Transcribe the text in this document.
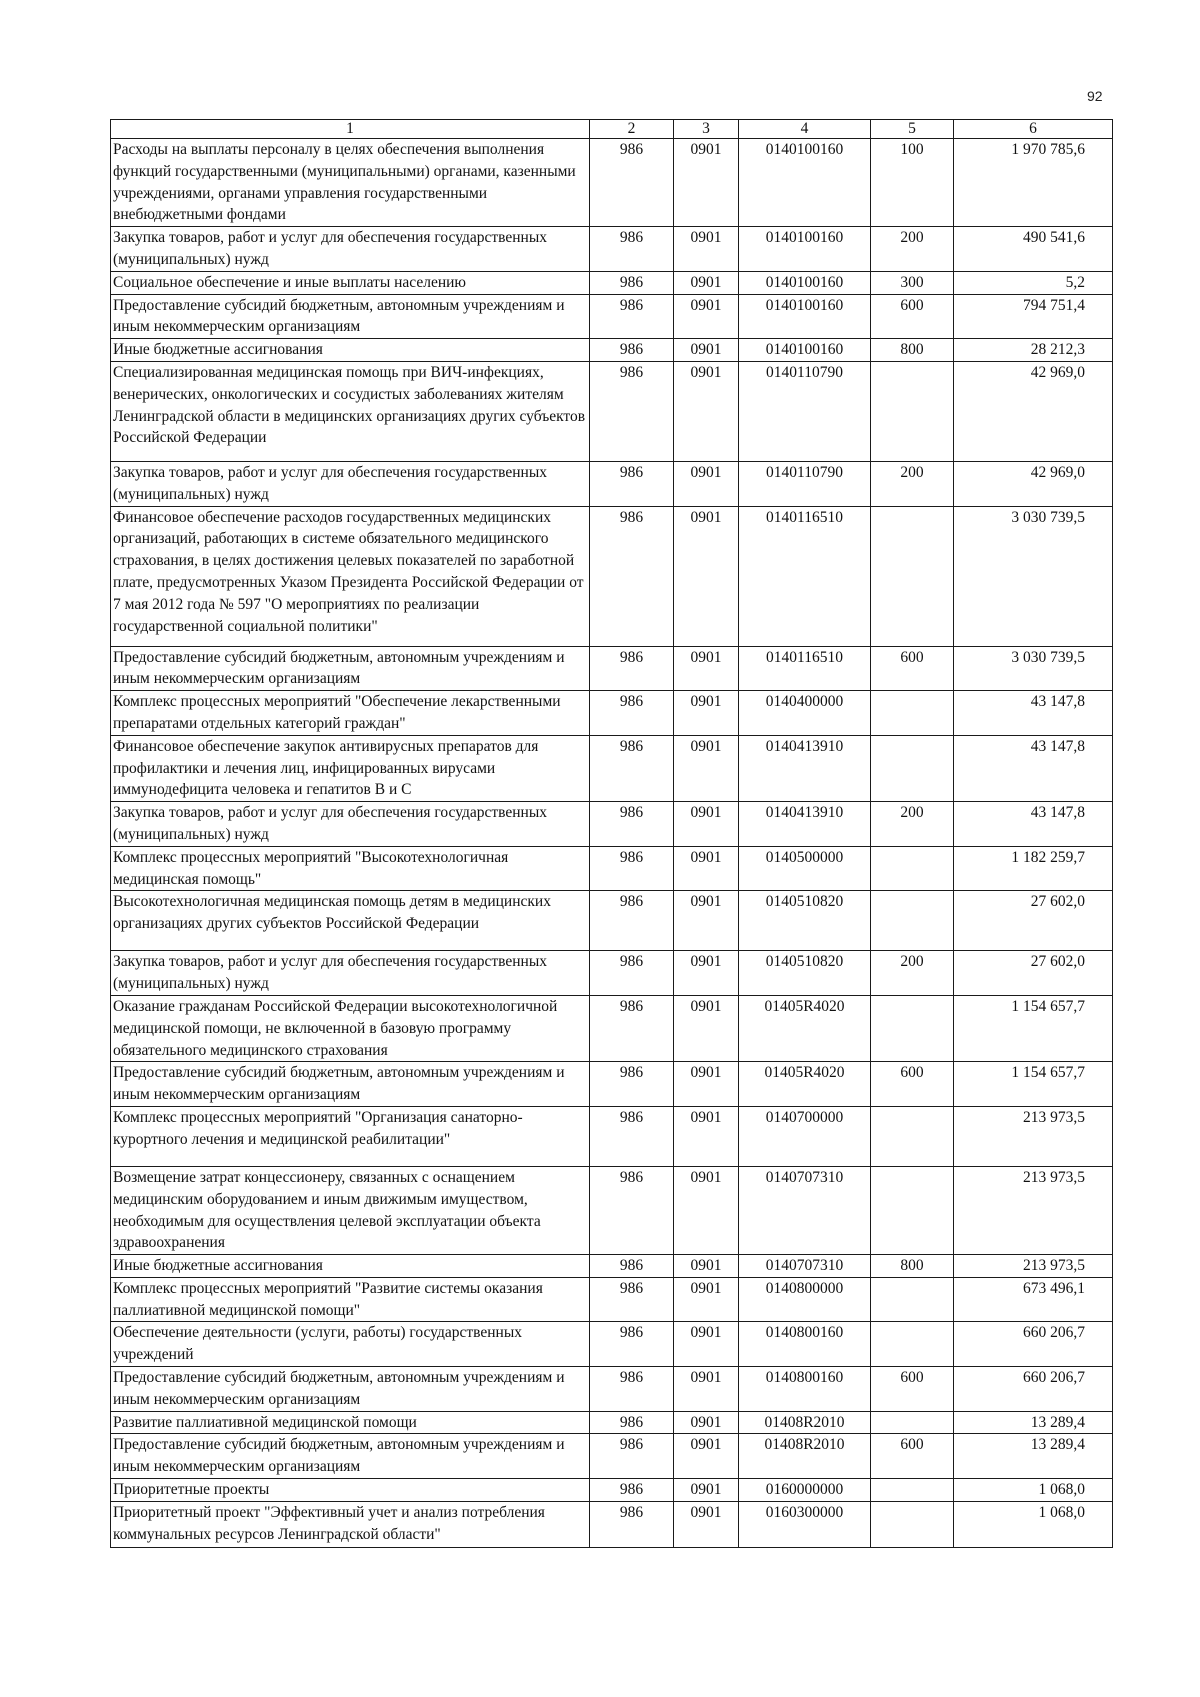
92
1	2	3	4	5	6
Расходы на выплаты персоналу в целях обеспечения выполнения функций государственными (муниципальными) органами, казенными учреждениями, органами управления государственными внебюджетными фондами	986	0901	0140100160	100	1 970 785,6
Закупка товаров, работ и услуг для обеспечения государственных (муниципальных) нужд	986	0901	0140100160	200	490 541,6
Социальное обеспечение и иные выплаты населению	986	0901	0140100160	300	5,2
Предоставление субсидий бюджетным, автономным учреждениям и иным некоммерческим организациям	986	0901	0140100160	600	794 751,4
Иные бюджетные ассигнования	986	0901	0140100160	800	28 212,3
Специализированная медицинская помощь при ВИЧ-инфекциях, венерических, онкологических и сосудистых заболеваниях жителям Ленинградской области в медицинских организациях других субъектов Российской Федерации	986	0901	0140110790		42 969,0
Закупка товаров, работ и услуг для обеспечения государственных (муниципальных) нужд	986	0901	0140110790	200	42 969,0
Финансовое обеспечение расходов государственных медицинских организаций, работающих в системе обязательного медицинского страхования, в целях достижения целевых показателей по заработной плате, предусмотренных Указом Президента Российской Федерации от 7 мая 2012 года № 597 "О мероприятиях по реализации государственной социальной политики"	986	0901	0140116510		3 030 739,5
Предоставление субсидий бюджетным, автономным учреждениям и иным некоммерческим организациям	986	0901	0140116510	600	3 030 739,5
Комплекс процессных мероприятий "Обеспечение лекарственными препаратами отдельных категорий граждан"	986	0901	0140400000		43 147,8
Финансовое обеспечение закупок антивирусных препаратов для профилактики и лечения лиц, инфицированных вирусами иммунодефицита человека и гепатитов В и С	986	0901	0140413910		43 147,8
Закупка товаров, работ и услуг для обеспечения государственных (муниципальных) нужд	986	0901	0140413910	200	43 147,8
Комплекс процессных мероприятий "Высокотехнологичная медицинская помощь"	986	0901	0140500000		1 182 259,7
Высокотехнологичная медицинская помощь детям в медицинских организациях других субъектов Российской Федерации	986	0901	0140510820		27 602,0
Закупка товаров, работ и услуг для обеспечения государственных (муниципальных) нужд	986	0901	0140510820	200	27 602,0
Оказание гражданам Российской Федерации высокотехнологичной медицинской помощи, не включенной в базовую программу обязательного медицинского страхования	986	0901	01405R4020		1 154 657,7
Предоставление субсидий бюджетным, автономным учреждениям и иным некоммерческим организациям	986	0901	01405R4020	600	1 154 657,7
Комплекс процессных мероприятий "Организация санаторно-курортного лечения и медицинской реабилитации"	986	0901	0140700000		213 973,5
Возмещение затрат концессионеру, связанных с оснащением медицинским оборудованием и иным движимым имуществом, необходимым для осуществления целевой эксплуатации объекта здравоохранения	986	0901	0140707310		213 973,5
Иные бюджетные ассигнования	986	0901	0140707310	800	213 973,5
Комплекс процессных мероприятий "Развитие системы оказания паллиативной медицинской помощи"	986	0901	0140800000		673 496,1
Обеспечение деятельности (услуги, работы) государственных учреждений	986	0901	0140800160		660 206,7
Предоставление субсидий бюджетным, автономным учреждениям и иным некоммерческим организациям	986	0901	0140800160	600	660 206,7
Развитие паллиативной медицинской помощи	986	0901	01408R2010		13 289,4
Предоставление субсидий бюджетным, автономным учреждениям и иным некоммерческим организациям	986	0901	01408R2010	600	13 289,4
Приоритетные проекты	986	0901	0160000000		1 068,0
Приоритетный проект "Эффективный учет и анализ потребления коммунальных ресурсов Ленинградской области"	986	0901	0160300000		1 068,0
